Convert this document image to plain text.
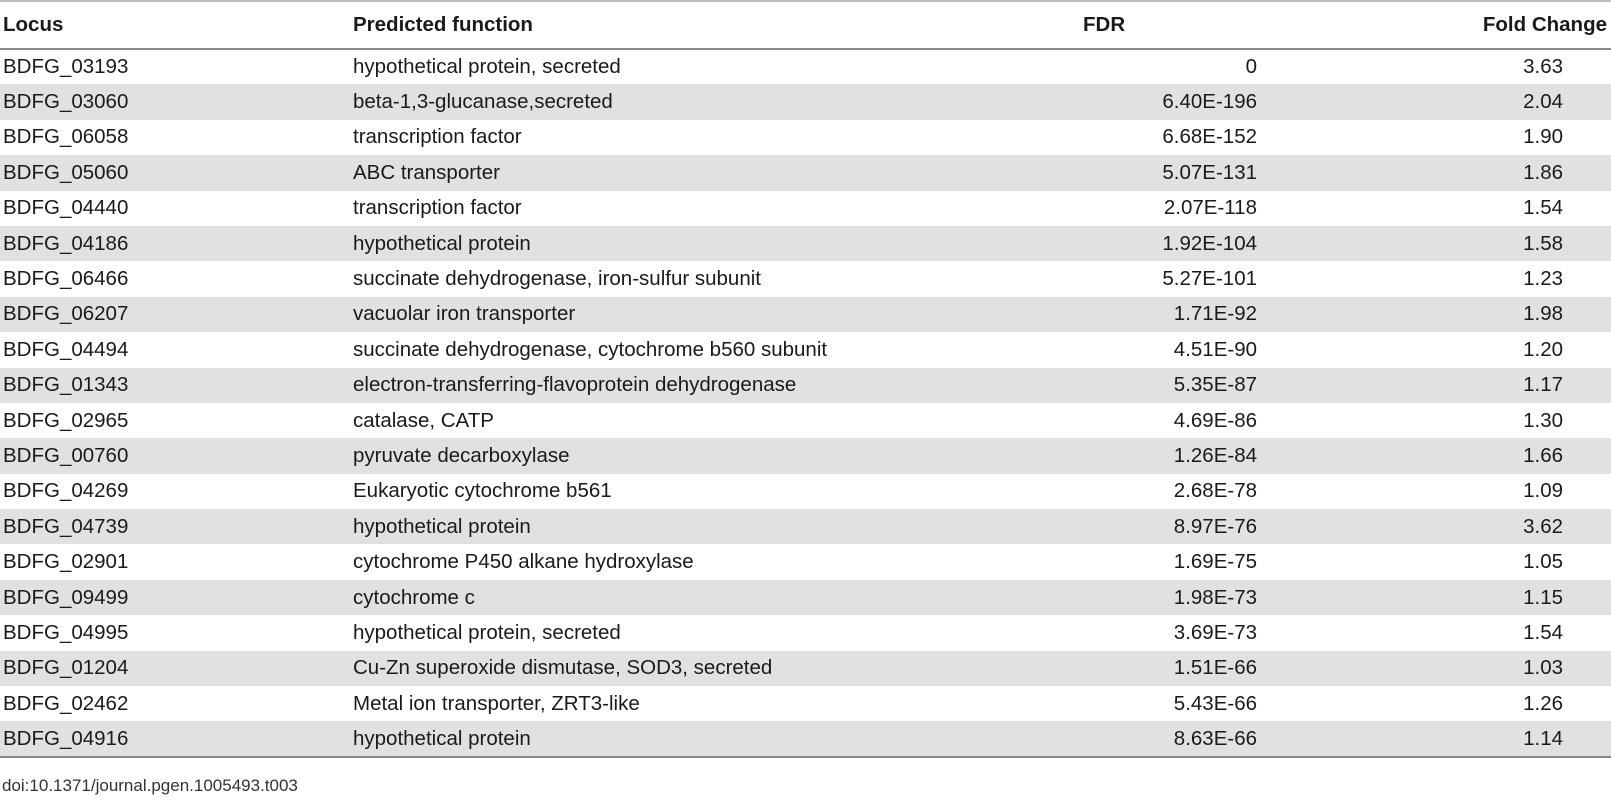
Locus	Predicted function	FDR	Fold Change
BDFG_03193	hypothetical protein, secreted	0	3.63
BDFG_03060	beta-1,3-glucanase,secreted	6.40E-196	2.04
BDFG_06058	transcription factor	6.68E-152	1.90
BDFG_05060	ABC transporter	5.07E-131	1.86
BDFG_04440	transcription factor	2.07E-118	1.54
BDFG_04186	hypothetical protein	1.92E-104	1.58
BDFG_06466	succinate dehydrogenase, iron-sulfur subunit	5.27E-101	1.23
BDFG_06207	vacuolar iron transporter	1.71E-92	1.98
BDFG_04494	succinate dehydrogenase, cytochrome b560 subunit	4.51E-90	1.20
BDFG_01343	electron-transferring-flavoprotein dehydrogenase	5.35E-87	1.17
BDFG_02965	catalase, CATP	4.69E-86	1.30
BDFG_00760	pyruvate decarboxylase	1.26E-84	1.66
BDFG_04269	Eukaryotic cytochrome b561	2.68E-78	1.09
BDFG_04739	hypothetical protein	8.97E-76	3.62
BDFG_02901	cytochrome P450 alkane hydroxylase	1.69E-75	1.05
BDFG_09499	cytochrome c	1.98E-73	1.15
BDFG_04995	hypothetical protein, secreted	3.69E-73	1.54
BDFG_01204	Cu-Zn superoxide dismutase, SOD3, secreted	1.51E-66	1.03
BDFG_02462	Metal ion transporter, ZRT3-like	5.43E-66	1.26
BDFG_04916	hypothetical protein	8.63E-66	1.14
doi:10.1371/journal.pgen.1005493.t003
